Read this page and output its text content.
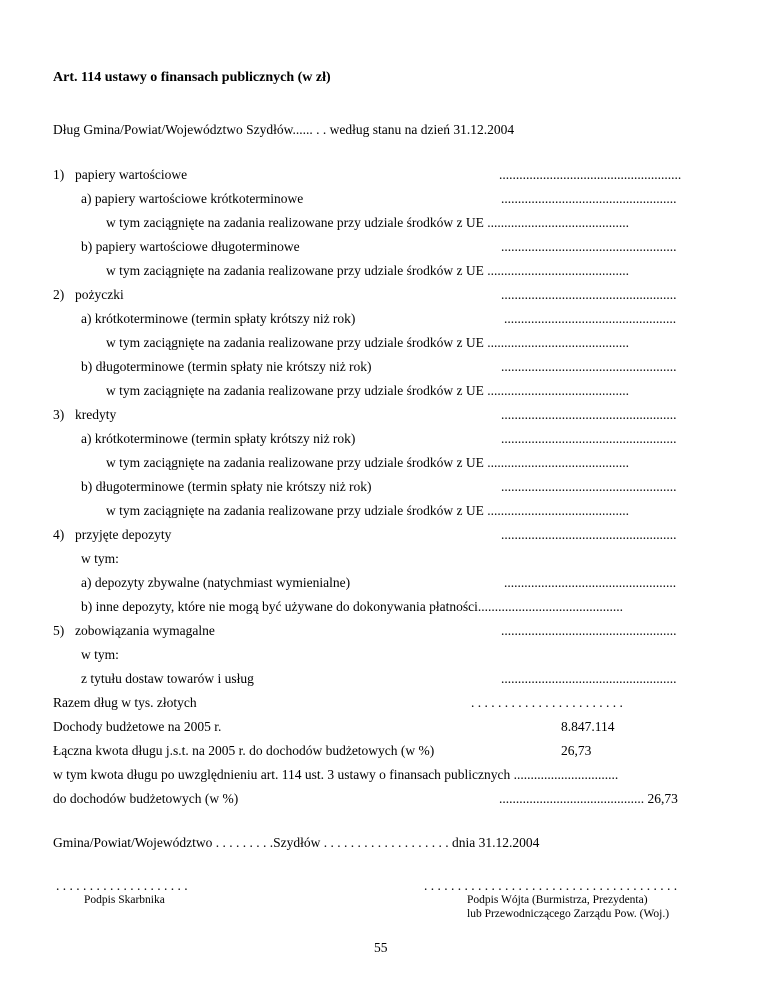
Art. 114 ustawy o finansach publicznych (w zł)
Dług Gmina/Powiat/Województwo Szydłów...... . . według stanu na dzień 31.12.2004
1) papiery wartościowe	......................................................
a) papiery wartościowe krótkoterminowe	....................................................
w tym zaciągnięte na zadania realizowane przy udziale środków z UE ..........................................
b) papiery wartościowe długoterminowe	....................................................
w tym zaciągnięte na zadania realizowane przy udziale środków z UE ..........................................
2) pożyczki	....................................................
a) krótkoterminowe (termin spłaty krótszy niż rok)	...................................................
w tym zaciągnięte na zadania realizowane przy udziale środków z UE ..........................................
b) długoterminowe (termin spłaty nie krótszy niż rok)	....................................................
w tym zaciągnięte na zadania realizowane przy udziale środków z UE ..........................................
3) kredyty	....................................................
a) krótkoterminowe (termin spłaty krótszy niż rok)	....................................................
w tym zaciągnięte na zadania realizowane przy udziale środków z UE ..........................................
b) długoterminowe (termin spłaty nie krótszy niż rok)	....................................................
w tym zaciągnięte na zadania realizowane przy udziale środków z UE ..........................................
4) przyjęte depozyty	....................................................
w tym:
a) depozyty zbywalne (natychmiast wymienialne)	...................................................
b) inne depozyty, które nie mogą być używane do dokonywania płatności...........................................
5) zobowiązania wymagalne	....................................................
w tym:
z tytułu dostaw towarów i usług	....................................................
Razem dług w tys. złotych	. . . . . . . . . . . . . . . . . . . . . . .
Dochody budżetowe na 2005 r.	8.847.114
Łączna kwota długu j.s.t. na 2005 r. do dochodów budżetowych (w %)	26,73
w tym kwota długu po uwzględnieniu art. 114 ust. 3 ustawy o finansach publicznych ...............................
do dochodów budżetowych (w %)	........................................... 26,73
Gmina/Powiat/Województwo . . . . . . . . .Szydłów . . . . . . . . . . . . . . . . . . . dnia 31.12.2004
. . . . . . . . . . . . . . . . . . . .
Podpis Skarbnika
. . . . . . . . . . . . . . . . . . . . . . . . . . . . . . . . . . . . . .
Podpis Wójta (Burmistrza, Prezydenta)
lub Przewodniczącego Zarządu Pow. (Woj.)
55
